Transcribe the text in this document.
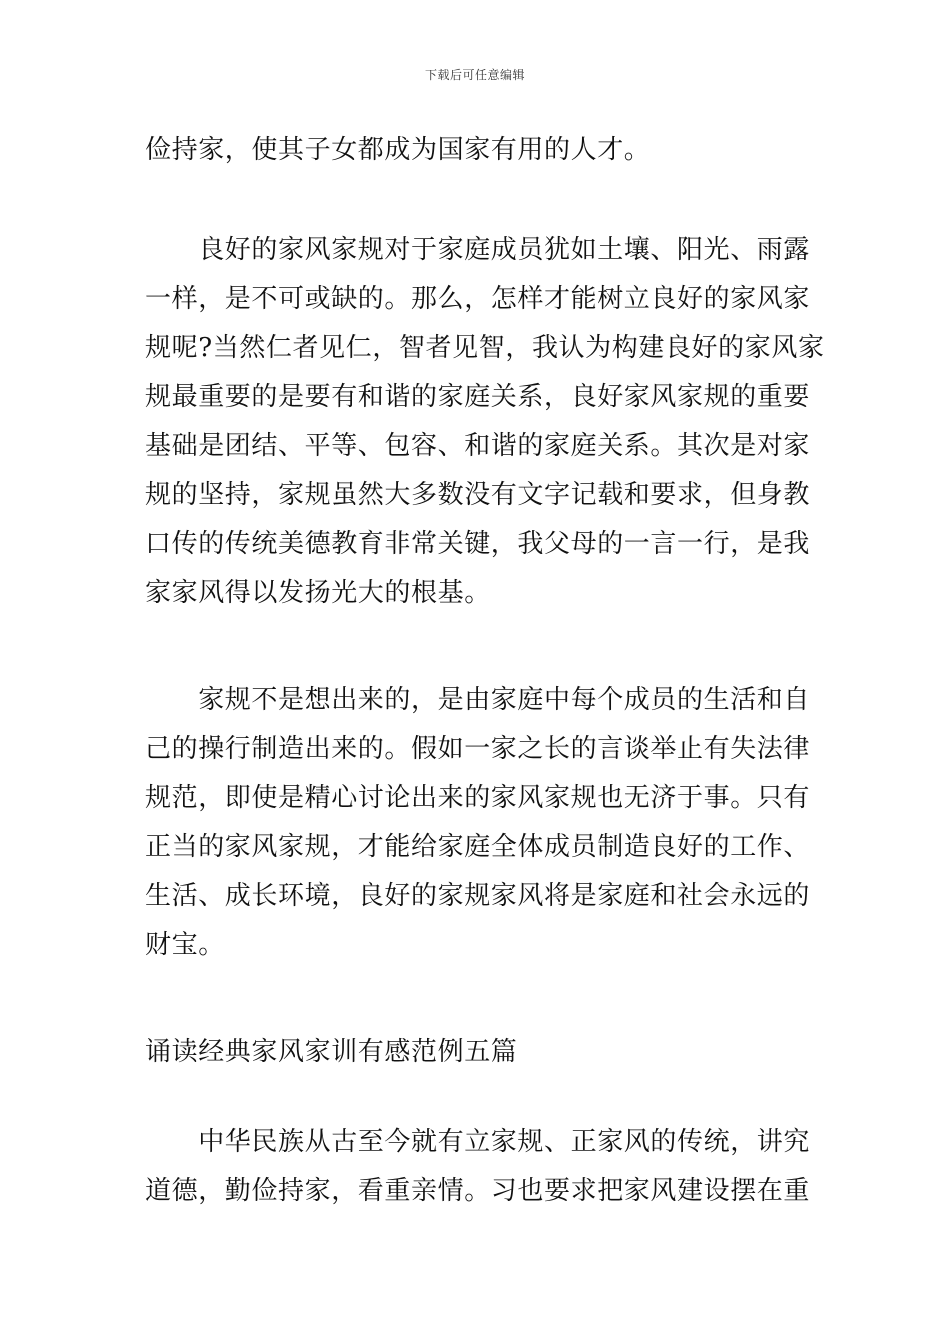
下载后可任意编辑
俭持家，使其子女都成为国家有用的人才。
　　良好的家风家规对于家庭成员犹如土壤、阳光、雨露
一样，是不可或缺的。那么，怎样才能树立良好的家风家
规呢?当然仁者见仁，智者见智，我认为构建良好的家风家
规最重要的是要有和谐的家庭关系，良好家风家规的重要
基础是团结、平等、包容、和谐的家庭关系。其次是对家
规的坚持，家规虽然大多数没有文字记载和要求，但身教
口传的传统美德教育非常关键，我父母的一言一行，是我
家家风得以发扬光大的根基。
　　家规不是想出来的，是由家庭中每个成员的生活和自
己的操行制造出来的。假如一家之长的言谈举止有失法律
规范，即使是精心讨论出来的家风家规也无济于事。只有
正当的家风家规，才能给家庭全体成员制造良好的工作、
生活、成长环境，良好的家规家风将是家庭和社会永远的
财宝。
诵读经典家风家训有感范例五篇
　　中华民族从古至今就有立家规、正家风的传统，讲究
道德，勤俭持家，看重亲情。习也要求把家风建设摆在重
